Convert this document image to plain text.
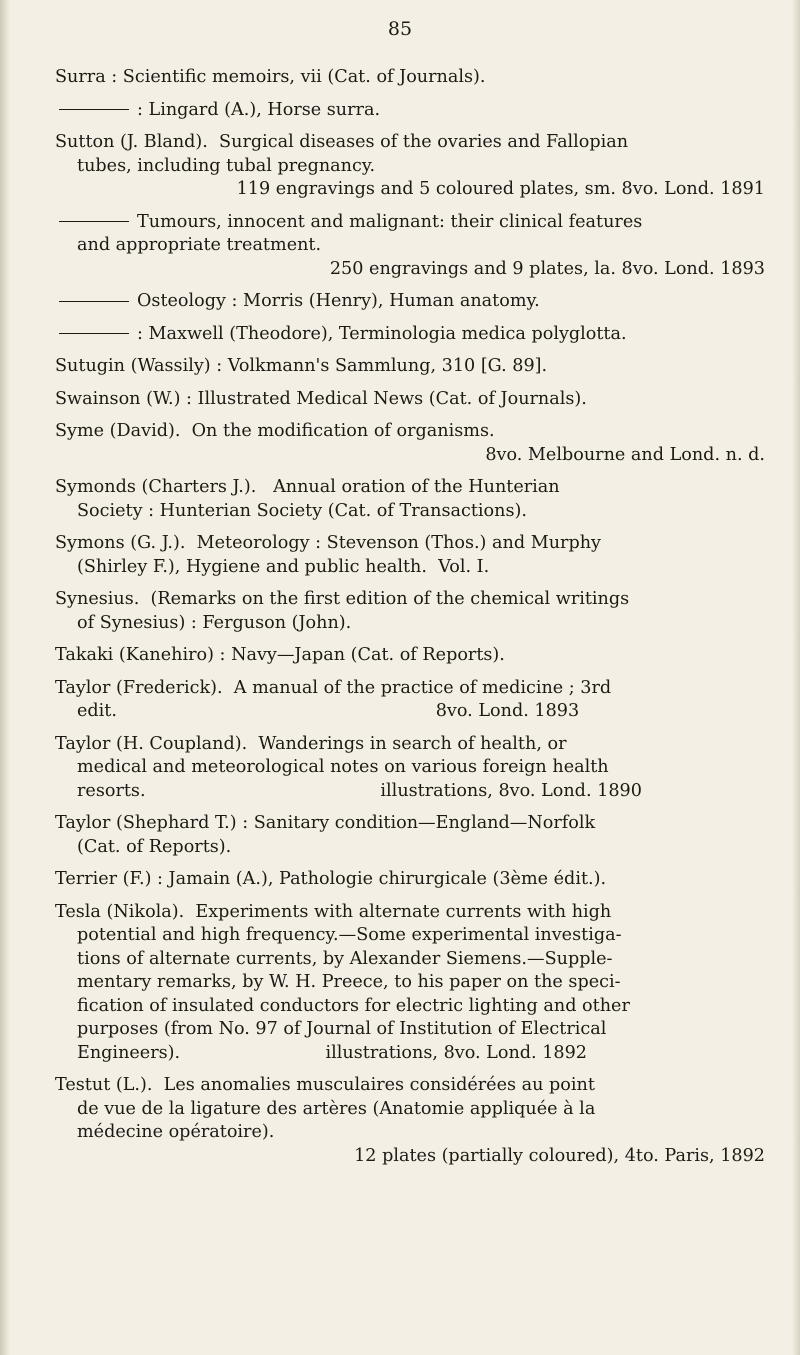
85
Surra : Scientific memoirs, vii (Cat. of Journals).
: Lingard (A.), Horse surra.
Sutton (J. Bland).  Surgical diseases of the ovaries and Fallopian
tubes, including tubal pregnancy.
119 engravings and 5 coloured plates, sm. 8vo. Lond. 1891
Tumours, innocent and malignant: their clinical features
and appropriate treatment.
250 engravings and 9 plates, la. 8vo. Lond. 1893
Osteology : Morris (Henry), Human anatomy.
: Maxwell (Theodore), Terminologia medica polyglotta.
Sutugin (Wassily) : Volkmann's Sammlung, 310 [G. 89].
Swainson (W.) : Illustrated Medical News (Cat. of Journals).
Syme (David).  On the modification of organisms.
8vo. Melbourne and Lond. n. d.
Symonds (Charters J.).   Annual oration of the Hunterian
Society : Hunterian Society (Cat. of Transactions).
Symons (G. J.).  Meteorology : Stevenson (Thos.) and Murphy
(Shirley F.), Hygiene and public health.  Vol. I.
Synesius.  (Remarks on the first edition of the chemical writings
of Synesius) : Ferguson (John).
Takaki (Kanehiro) : Navy—Japan (Cat. of Reports).
Taylor (Frederick).  A manual of the practice of medicine ; 3rd
edit.                                                         8vo. Lond. 1893
Taylor (H. Coupland).  Wanderings in search of health, or
medical and meteorological notes on various foreign health
resorts.                                          illustrations, 8vo. Lond. 1890
Taylor (Shephard T.) : Sanitary condition—England—Norfolk
(Cat. of Reports).
Terrier (F.) : Jamain (A.), Pathologie chirurgicale (3ème édit.).
Tesla (Nikola).  Experiments with alternate currents with high
potential and high frequency.—Some experimental investiga-
tions of alternate currents, by Alexander Siemens.—Supple-
mentary remarks, by W. H. Preece, to his paper on the speci-
fication of insulated conductors for electric lighting and other
purposes (from No. 97 of Journal of Institution of Electrical
Engineers).                          illustrations, 8vo. Lond. 1892
Testut (L.).  Les anomalies musculaires considérées au point
de vue de la ligature des artères (Anatomie appliquée à la
médecine opératoire).
12 plates (partially coloured), 4to. Paris, 1892
